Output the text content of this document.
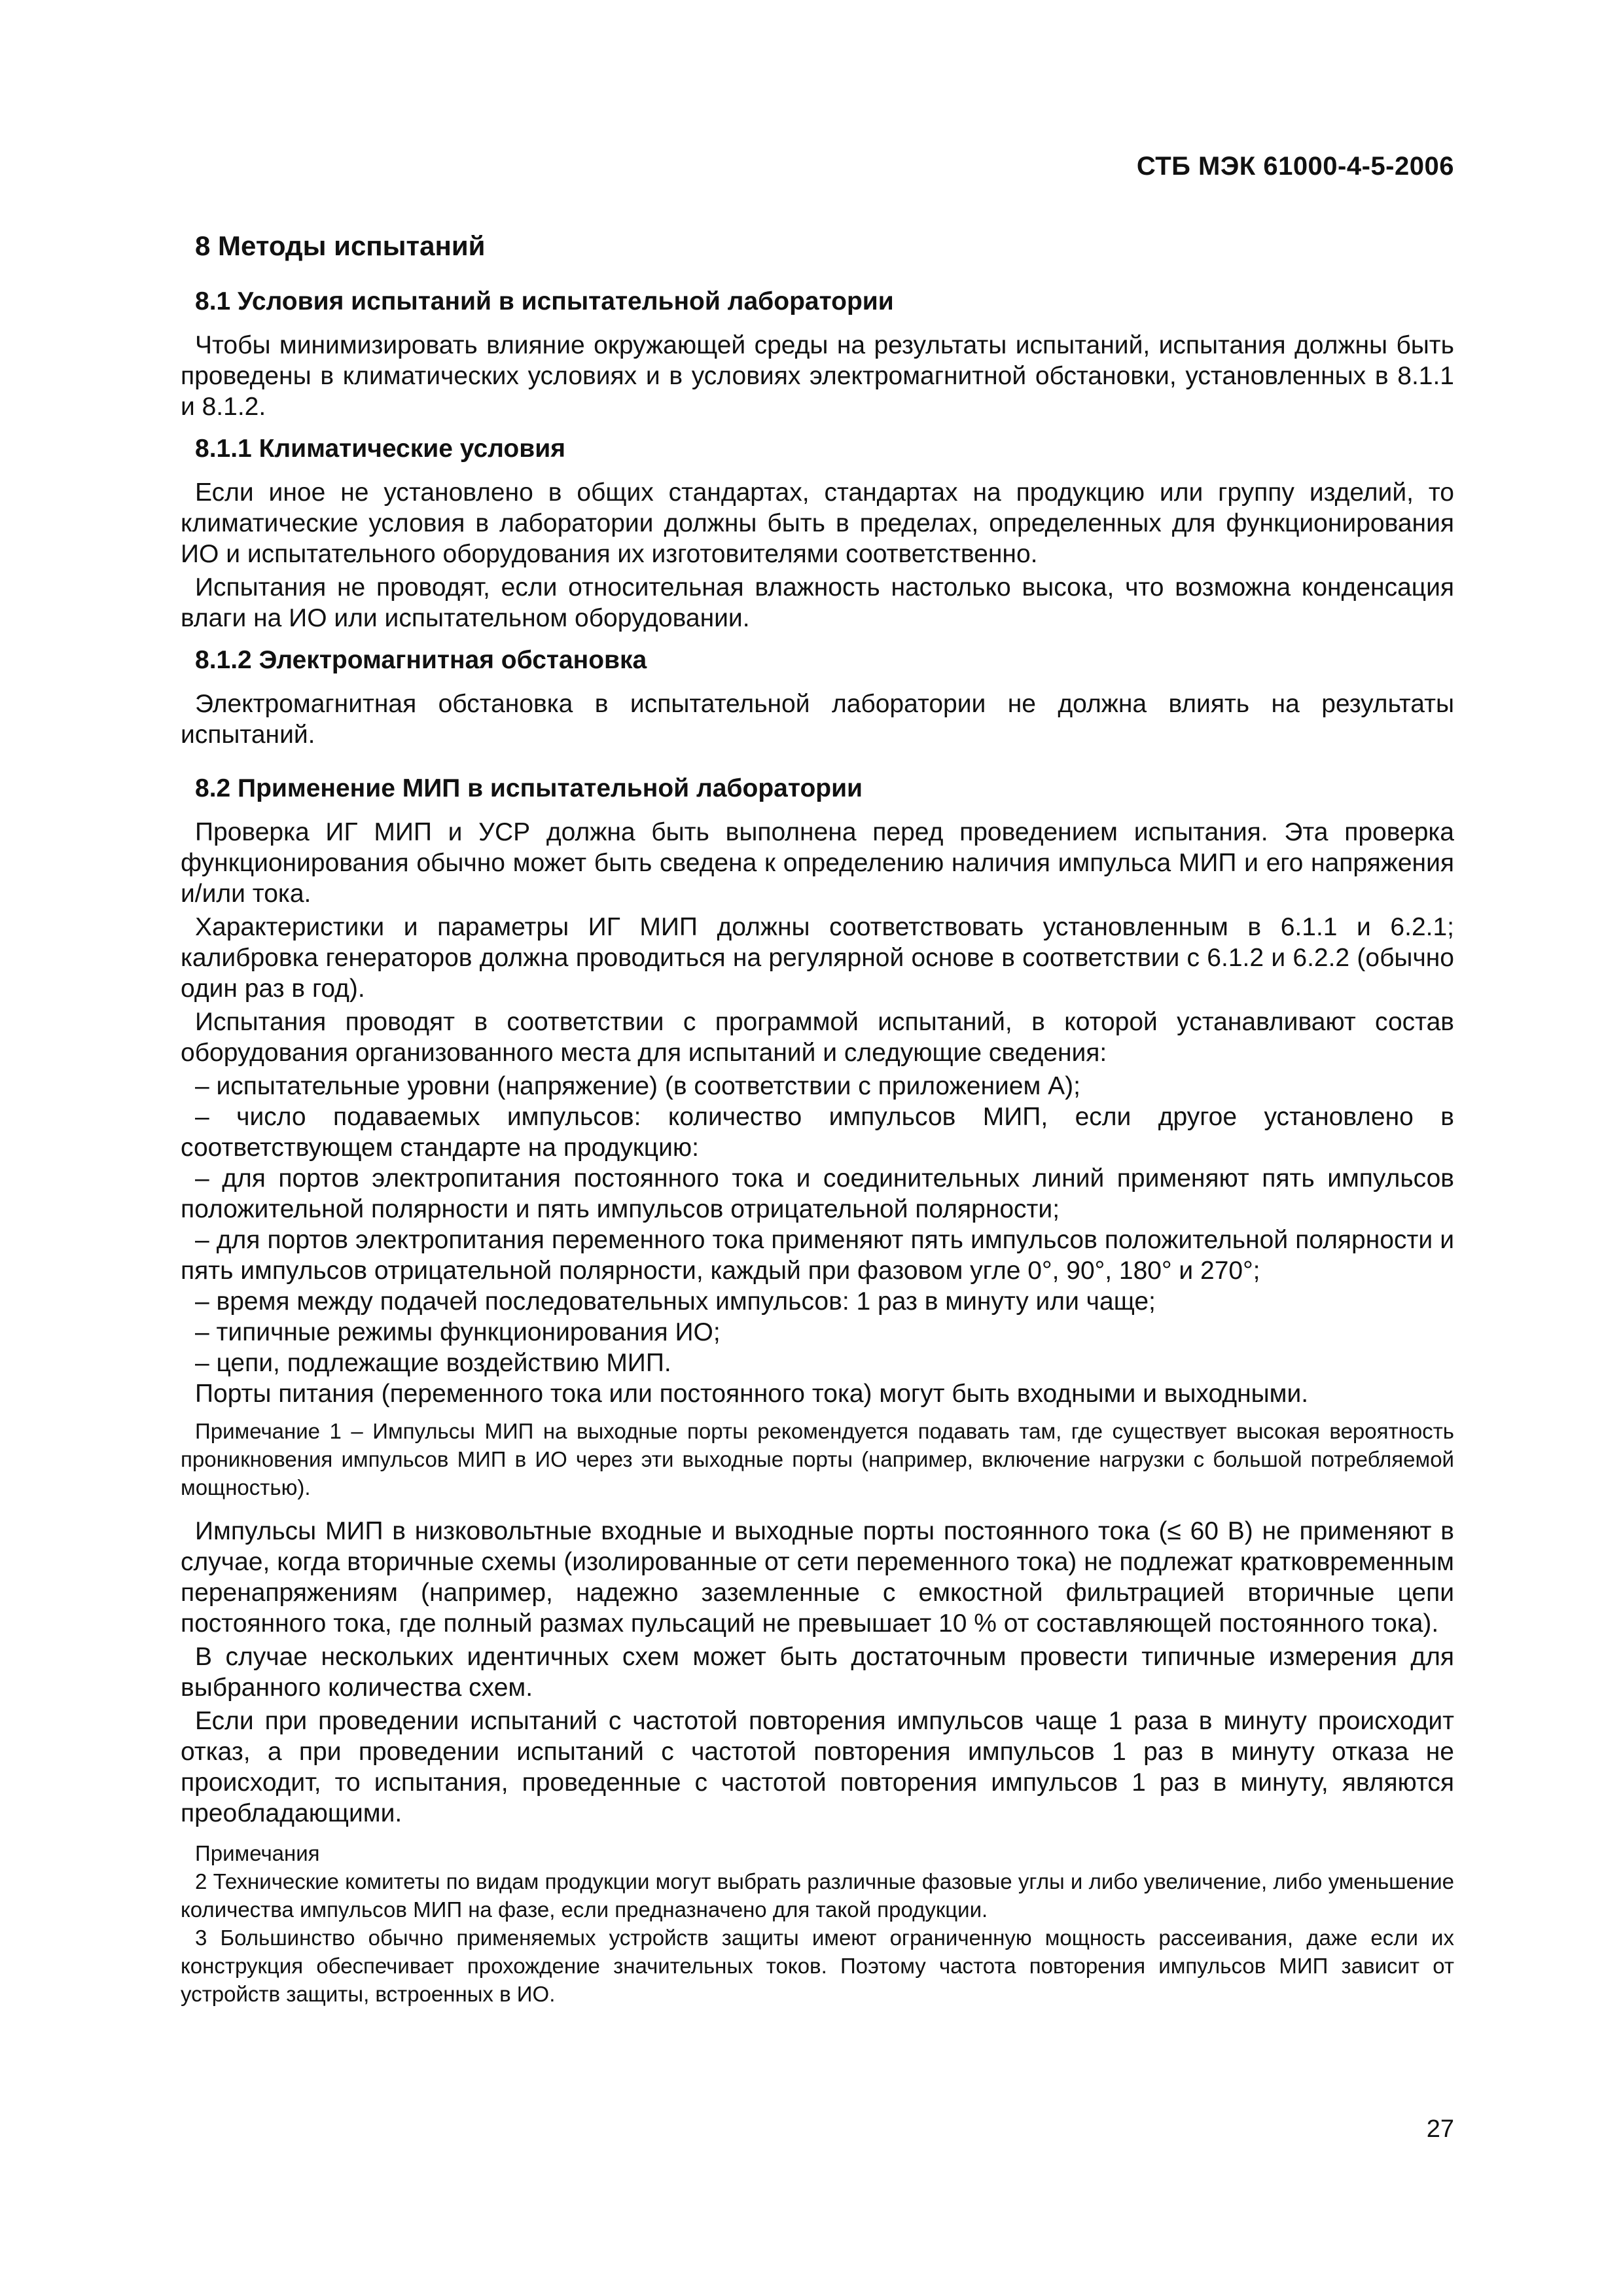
СТБ МЭК 61000-4-5-2006
8 Методы испытаний
8.1 Условия испытаний в испытательной лаборатории

Чтобы минимизировать влияние окружающей среды на результаты испытаний, испытания должны быть проведены в климатических условиях и в условиях электромагнитной обстановки, установленных в 8.1.1 и 8.1.2.

8.1.1 Климатические условия

Если иное не установлено в общих стандартах, стандартах на продукцию или группу изделий, то климатические условия в лаборатории должны быть в пределах, определенных для функционирования ИО и испытательного оборудования их изготовителями соответственно.

Испытания не проводят, если относительная влажность настолько высока, что возможна конденсация влаги на ИО или испытательном оборудовании.

8.1.2 Электромагнитная обстановка

Электромагнитная обстановка в испытательной лаборатории не должна влиять на результаты испытаний.

8.2 Применение МИП в испытательной лаборатории

Проверка ИГ МИП и УСР должна быть выполнена перед проведением испытания. Эта проверка функционирования обычно может быть сведена к определению наличия импульса МИП и его напряжения и/или тока.

Характеристики и параметры ИГ МИП должны соответствовать установленным в 6.1.1 и 6.2.1; калибровка генераторов должна проводиться на регулярной основе в соответствии с 6.1.2 и 6.2.2 (обычно один раз в год).

Испытания проводят в соответствии с программой испытаний, в которой устанавливают состав оборудования организованного места для испытаний и следующие сведения:

– испытательные уровни (напряжение) (в соответствии с приложением А);

– число подаваемых импульсов: количество импульсов МИП, если другое установлено в соответствующем стандарте на продукцию:

– для портов электропитания постоянного тока и соединительных линий применяют пять импульсов положительной полярности и пять импульсов отрицательной полярности;

– для портов электропитания переменного тока применяют пять импульсов положительной полярности и пять импульсов отрицательной полярности, каждый при фазовом угле 0°, 90°, 180° и 270°;

– время между подачей последовательных импульсов: 1 раз в минуту или чаще;

– типичные режимы функционирования ИО;

– цепи, подлежащие воздействию МИП.

Порты питания (переменного тока или постоянного тока) могут быть входными и выходными.

Примечание 1 – Импульсы МИП на выходные порты рекомендуется подавать там, где существует высокая вероятность проникновения импульсов МИП в ИО через эти выходные порты (например, включение нагрузки с большой потребляемой мощностью).

Импульсы МИП в низковольтные входные и выходные порты постоянного тока (≤ 60 В) не применяют в случае, когда вторичные схемы (изолированные от сети переменного тока) не подлежат кратковременным перенапряжениям (например, надежно заземленные с емкостной фильтрацией вторичные цепи постоянного тока, где полный размах пульсаций не превышает 10 % от составляющей постоянного тока).

В случае нескольких идентичных схем может быть достаточным провести типичные измерения для выбранного количества схем.

Если при проведении испытаний с частотой повторения импульсов чаще 1 раза в минуту происходит отказ, а при проведении испытаний с частотой повторения импульсов 1 раз в минуту отказа не происходит, то испытания, проведенные с частотой повторения импульсов 1 раз в минуту, являются преобладающими.

Примечания

2 Технические комитеты по видам продукции могут выбрать различные фазовые углы и либо увеличение, либо уменьшение количества импульсов МИП на фазе, если предназначено для такой продукции.

3 Большинство обычно применяемых устройств защиты имеют ограниченную мощность рассеивания, даже если их конструкция обеспечивает прохождение значительных токов. Поэтому частота повторения импульсов МИП зависит от устройств защиты, встроенных в ИО.

27
